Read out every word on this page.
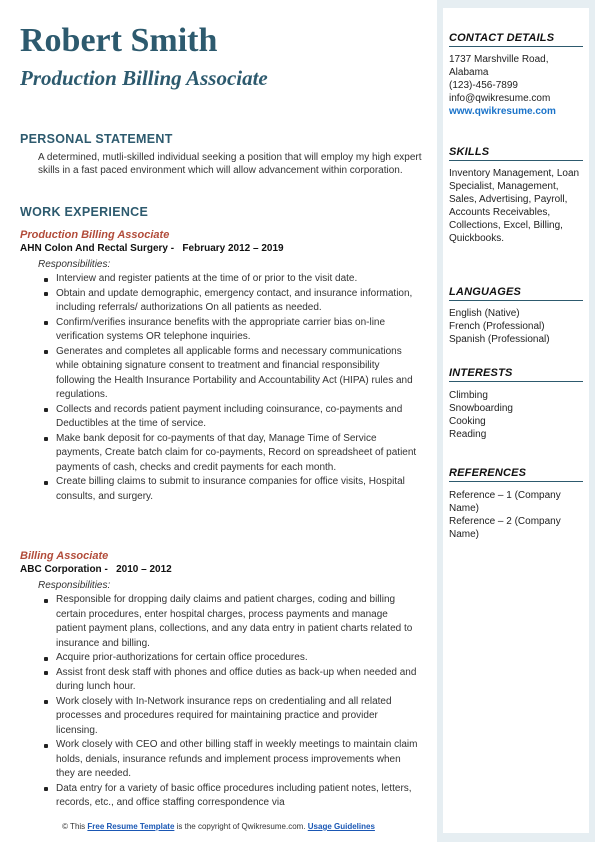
Robert Smith
Production Billing Associate
PERSONAL STATEMENT
A determined, mutli-skilled individual seeking a position that will employ my high expert skills in a fast paced environment which will allow advancement within corporation.
WORK EXPERIENCE
Production Billing Associate
AHN Colon And Rectal Surgery -   February 2012 – 2019
Responsibilities:
Interview and register patients at the time of or prior to the visit date.
Obtain and update demographic, emergency contact, and insurance information, including referrals/ authorizations On all patients as needed.
Confirm/verifies insurance benefits with the appropriate carrier bias on-line verification systems OR telephone inquiries.
Generates and completes all applicable forms and necessary communications while obtaining signature consent to treatment and financial responsibility following the Health Insurance Portability and Accountability Act (HIPA) rules and regulations.
Collects and records patient payment including coinsurance, co-payments and Deductibles at the time of service.
Make bank deposit for co-payments of that day, Manage Time of Service payments, Create batch claim for co-payments, Record on spreadsheet of patient payments of cash, checks and credit payments for each month.
Create billing claims to submit to insurance companies for office visits, Hospital consults, and surgery.
Billing Associate
ABC Corporation -   2010 – 2012
Responsibilities:
Responsible for dropping daily claims and patient charges, coding and billing certain procedures, enter hospital charges, process payments and manage patient payment plans, collections, and any data entry in patient charts related to insurance and billing.
Acquire prior-authorizations for certain office procedures.
Assist front desk staff with phones and office duties as back-up when needed and during lunch hour.
Work closely with In-Network insurance reps on credentialing and all related processes and procedures required for maintaining practice and provider licensing.
Work closely with CEO and other billing staff in weekly meetings to maintain claim holds, denials, insurance refunds and implement process improvements when they are needed.
Data entry for a variety of basic office procedures including patient notes, letters, records, etc., and office staffing correspondence via
CONTACT DETAILS
1737 Marshville Road, Alabama
(123)-456-7899
info@qwikresume.com
www.qwikresume.com
SKILLS
Inventory Management, Loan Specialist, Management, Sales, Advertising, Payroll, Accounts Receivables, Collections, Excel, Billing, Quickbooks.
LANGUAGES
English (Native)
French (Professional)
Spanish (Professional)
INTERESTS
Climbing
Snowboarding
Cooking
Reading
REFERENCES
Reference – 1 (Company Name)
Reference – 2 (Company Name)
© This Free Resume Template is the copyright of Qwikresume.com. Usage Guidelines
